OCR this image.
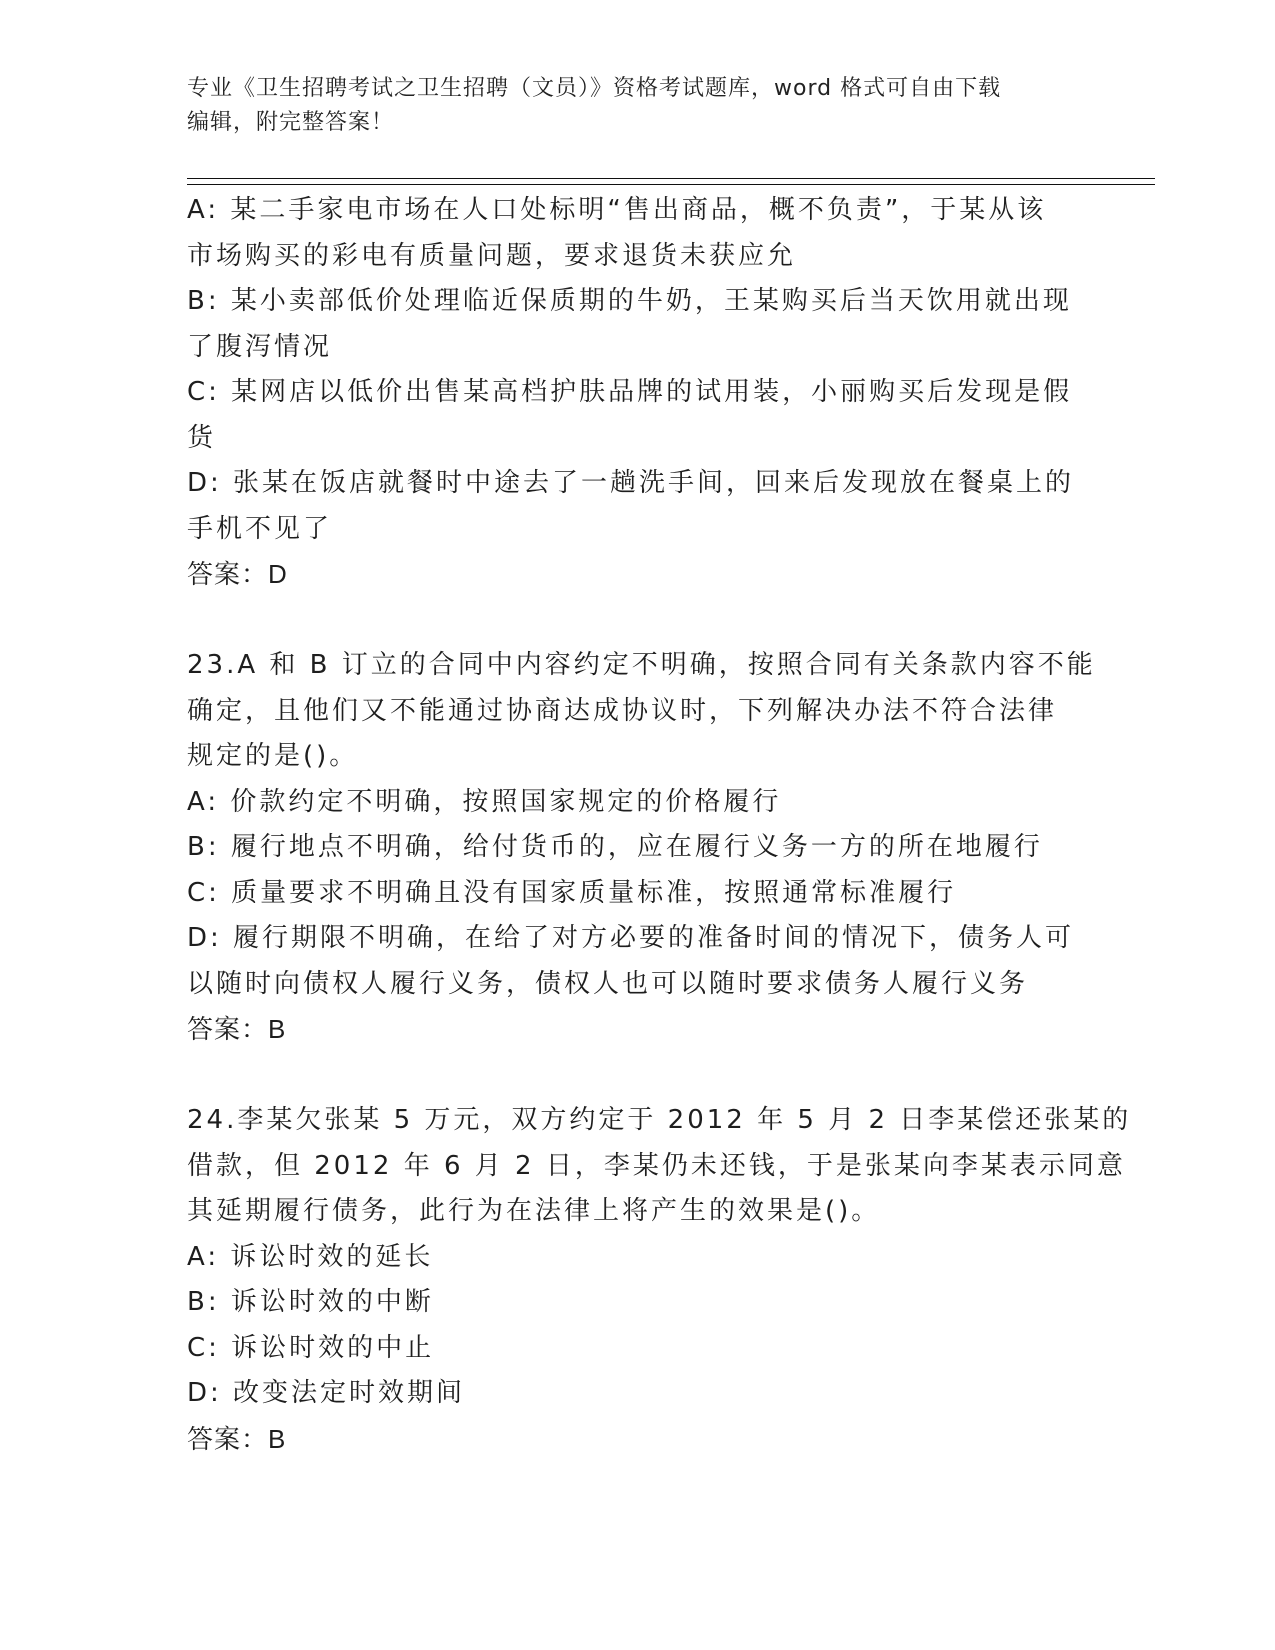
专业《卫生招聘考试之卫生招聘（文员）》资格考试题库，word 格式可自由下载

编辑，附完整答案！

A: 某二手家电市场在人口处标明“售出商品，概不负责”，于某从该

市场购买的彩电有质量问题，要求退货未获应允

B: 某小卖部低价处理临近保质期的牛奶，王某购买后当天饮用就出现

了腹泻情况

C: 某网店以低价出售某高档护肤品牌的试用装，小丽购买后发现是假

货

D: 张某在饭店就餐时中途去了一趟洗手间，回来后发现放在餐桌上的

手机不见了

答案：D

23.A 和 B 订立的合同中内容约定不明确，按照合同有关条款内容不能

确定，且他们又不能通过协商达成协议时，下列解决办法不符合法律

规定的是()。

A: 价款约定不明确，按照国家规定的价格履行

B: 履行地点不明确，给付货币的，应在履行义务一方的所在地履行

C: 质量要求不明确且没有国家质量标准，按照通常标准履行

D: 履行期限不明确，在给了对方必要的准备时间的情况下，债务人可

以随时向债权人履行义务，债权人也可以随时要求债务人履行义务

答案：B

24.李某欠张某 5 万元，双方约定于 2012 年 5 月 2 日李某偿还张某的

借款，但 2012 年 6 月 2 日，李某仍未还钱，于是张某向李某表示同意

其延期履行债务，此行为在法律上将产生的效果是()。

A: 诉讼时效的延长

B: 诉讼时效的中断

C: 诉讼时效的中止

D: 改变法定时效期间

答案：B
